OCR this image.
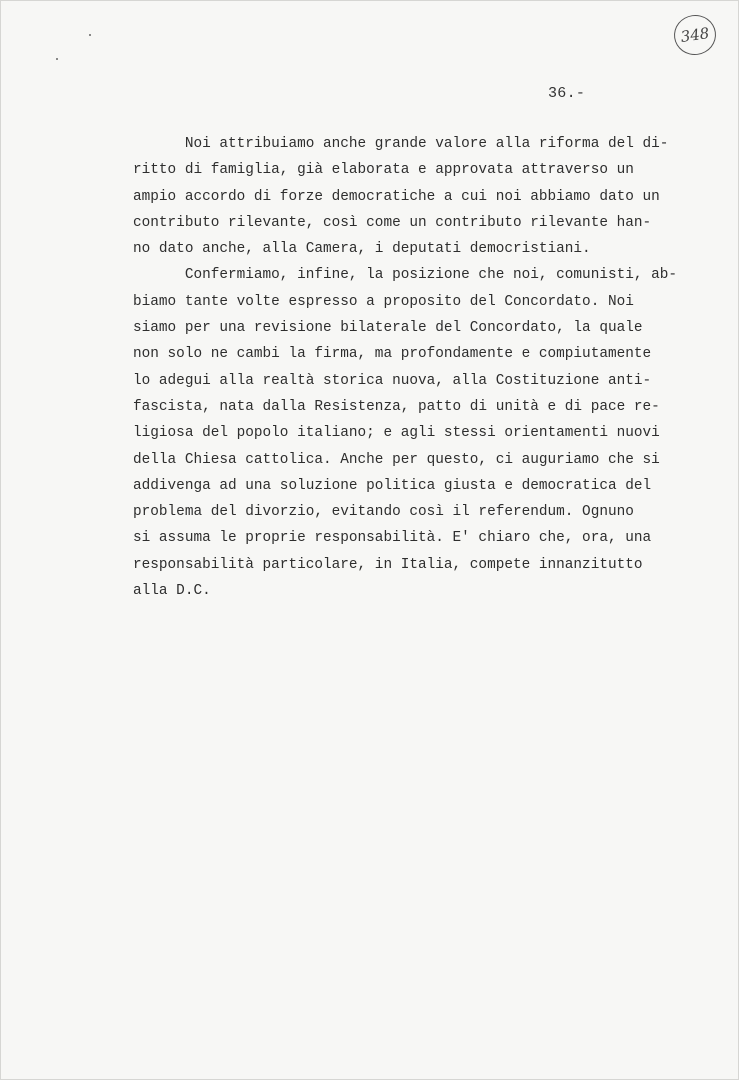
348
36.-
Noi attribuiamo anche grande valore alla riforma del di-
ritto di famiglia, già elaborata e approvata attraverso un
ampio accordo di forze democratiche a cui noi abbiamo dato un
contributo rilevante, così come un contributo rilevante han-
no dato anche, alla Camera, i deputati democristiani.
Confermiamo, infine, la posizione che noi, comunisti, ab-
biamo tante volte espresso a proposito del Concordato. Noi
siamo per una revisione bilaterale del Concordato, la quale
non solo ne cambi la firma, ma profondamente e compiutamente
lo adegui alla realtà storica nuova, alla Costituzione anti-
fascista, nata dalla Resistenza, patto di unità e di pace re-
ligiosa del popolo italiano; e agli stessi orientamenti nuovi
della Chiesa cattolica. Anche per questo, ci auguriamo che si
addivenga ad una soluzione politica giusta e democratica del
problema del divorzio, evitando così il referendum. Ognuno
si assuma le proprie responsabilità. E' chiaro che, ora, una
responsabilità particolare, in Italia, compete innanzitutto
alla D.C.
